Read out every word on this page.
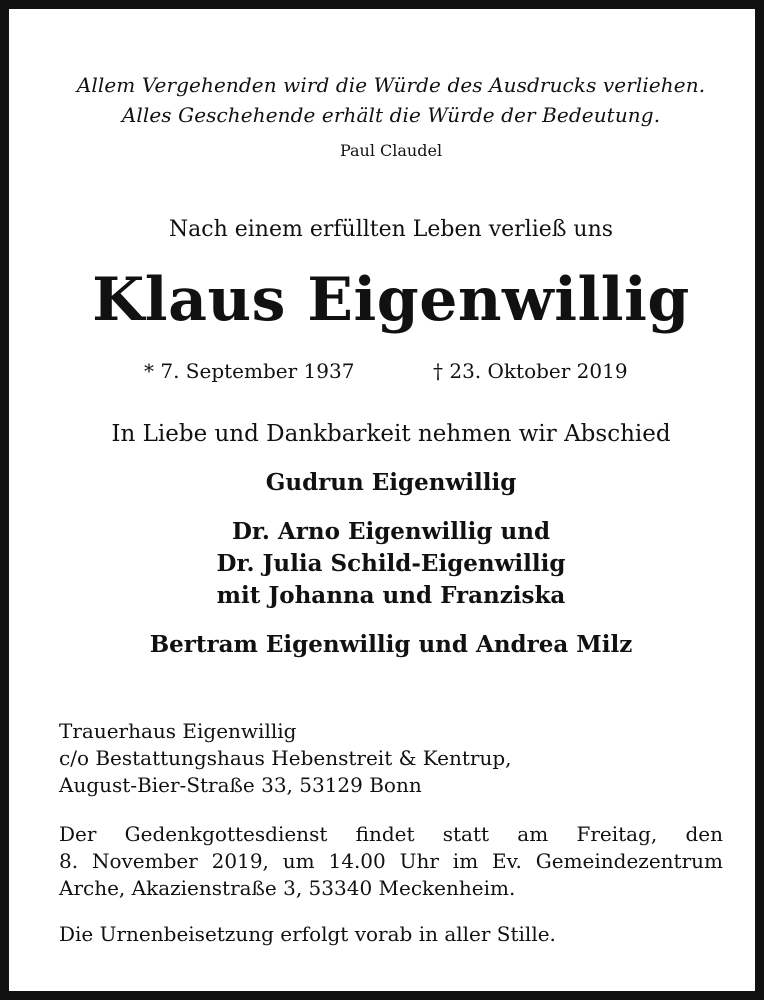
Allem Vergehenden wird die Würde des Ausdrucks verliehen.
Alles Geschehende erhält die Würde der Bedeutung.
Paul Claudel
Nach einem erfüllten Leben verließ uns
Klaus Eigenwillig
* 7. September 1937	† 23. Oktober 2019
In Liebe und Dankbarkeit nehmen wir Abschied
Gudrun Eigenwillig
Dr. Arno Eigenwillig und
Dr. Julia Schild-Eigenwillig
mit Johanna und Franziska
Bertram Eigenwillig und Andrea Milz
Trauerhaus Eigenwillig
c/o Bestattungshaus Hebenstreit & Kentrup,
August-Bier-Straße 33, 53129 Bonn
Der Gedenkgottesdienst findet statt am Freitag, den
8. November 2019, um 14.00 Uhr im Ev. Gemeindezentrum
Arche, Akazienstraße 3, 53340 Meckenheim.
Die Urnenbeisetzung erfolgt vorab in aller Stille.
